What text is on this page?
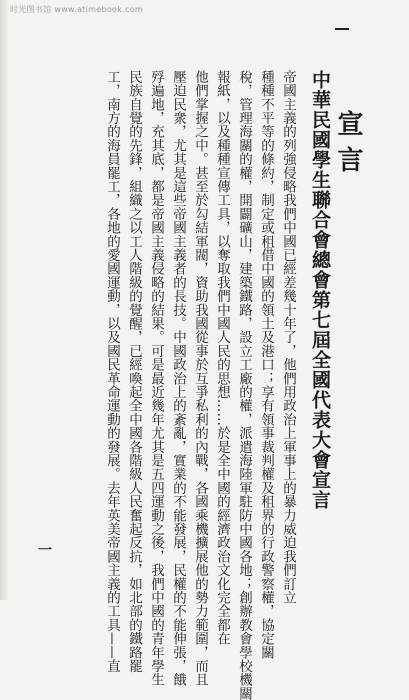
时光图书馆 www.atimebook.com
宣言
中華民國學生聯合會總會第七屆全國代表大會宣言
帝國主義的列強侵略我們中國已經差幾十年了，他們用政治上軍事上的暴力威迫我們訂立
種種不平等的條約，制定或租借中國的領土及港口；享有領事裁判權及租界的行政警察權，協定關
稅，管理海關的權，開闢礦山，建築鐵路，設立工廠的權，派遣海陸軍駐防中國各地；創辦教會學校機關
報紙，以及種種宣傳工具，以奪取我們中國人民的思想……於是全中國的經濟政治文化完全都在
他們掌握之中。甚至於勾結軍閥，資助我國從事於互爭私利的內戰，各國乘機擴展他的勢力範圍，而且
壓迫民衆，尤其是這些帝國主義者的長技。中國政治上的紊亂，實業的不能發展，民權的不能伸張，餓
殍遍地，充其底，都是帝國主義侵略的結果。可是最近幾年尤其是五四運動之後，我們中國的青年學生
民族自覺的先鋒，組織之以工人階級的覺醒，已經喚起全中國各階級人民奮起反抗，如北部的鐵路罷
工，南方的海員罷工，各地的愛國運動，以及國民革命運動的發展。去年英美帝國主義的工具——直
一
